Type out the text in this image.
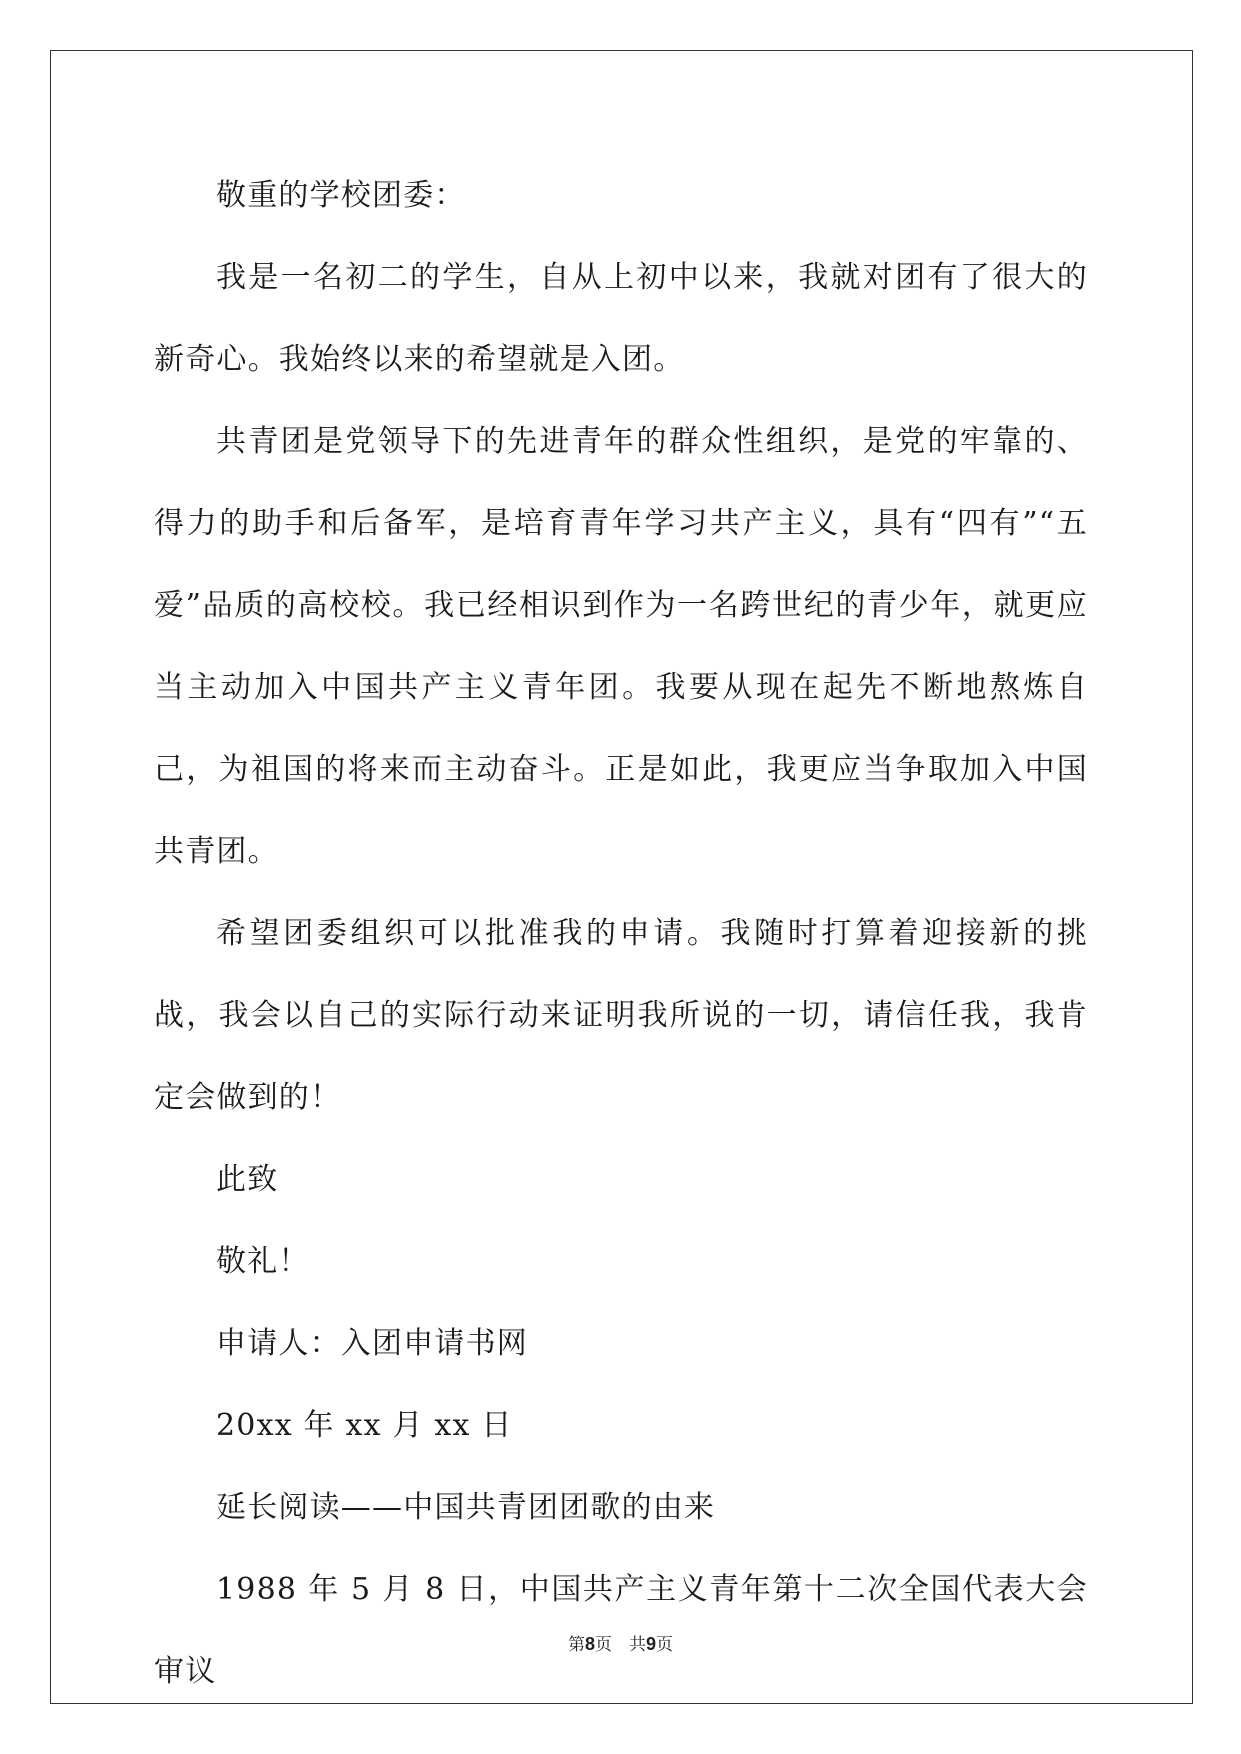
敬重的学校团委：

我是一名初二的学生，自从上初中以来，我就对团有了很大的新奇心。我始终以来的希望就是入团。

共青团是党领导下的先进青年的群众性组织，是党的牢靠的、得力的助手和后备军，是培育青年学习共产主义，具有“四有”“五爱”品质的高校校。我已经相识到作为一名跨世纪的青少年，就更应当主动加入中国共产主义青年团。我要从现在起先不断地熬炼自己，为祖国的将来而主动奋斗。正是如此，我更应当争取加入中国共青团。

希望团委组织可以批准我的申请。我随时打算着迎接新的挑战，我会以自己的实际行动来证明我所说的一切，请信任我，我肯定会做到的！

此致

敬礼！

申请人：入团申请书网

20xx 年 xx 月 xx 日

延长阅读——中国共青团团歌的由来

1988 年 5 月 8 日，中国共产主义青年第十二次全国代表大会审议

第8页　共9页
